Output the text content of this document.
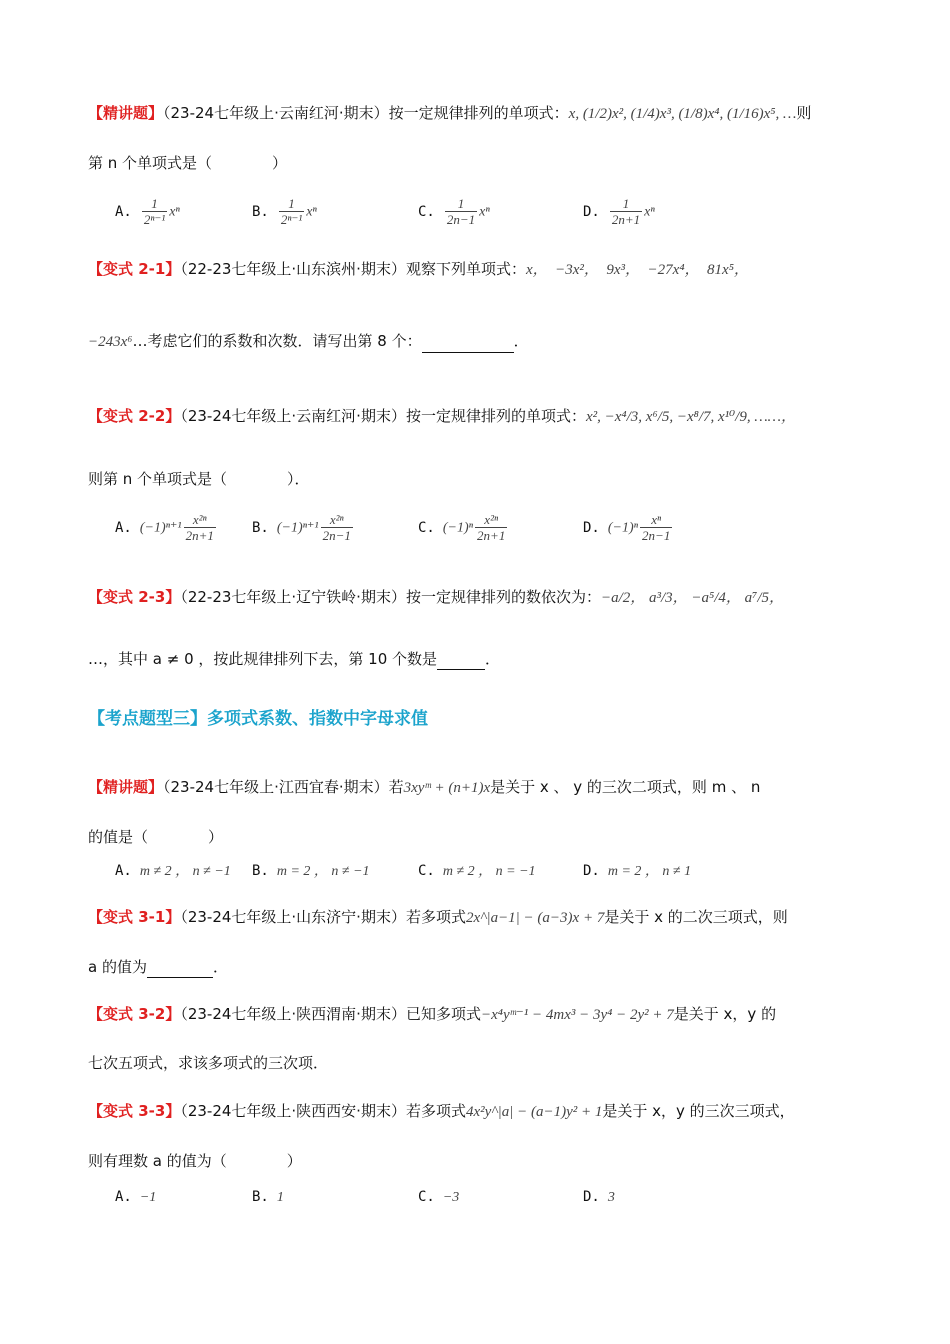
【精讲题】（23-24七年级上·云南红河·期末）按一定规律排列的单项式：x, (1/2)x², (1/4)x³, (1/8)x⁴, (1/16)x⁵, …则
第 n 个单项式是（　　　　）
A. $\frac{1}{\text{2ⁿ⁻¹}}$ xⁿ	B. $\frac{1}{\text{2ⁿ⁻¹}}$ xⁿ	C. $\frac{1}{2n-1}$ xⁿ	D. $\frac{1}{2n+1}$ xⁿ
【变式 2-1】（22-23七年级上·山东滨州·期末）观察下列单项式：x，　−3x²，　9x³，　−27x⁴，　81x⁵，
−243x⁶…考虑它们的系数和次数．请写出第 8 个：	．
【变式 2-2】（23-24七年级上·云南红河·期末）按一定规律排列的单项式：x², −x⁴/3, x⁶/5, −x⁸/7, x¹⁰/9, ……，
则第 n 个单项式是（　　　　）．
A. $(-1)^{n+1} \frac{\text{x²ⁿ}}{2n+1}$	B. $(-1)^{n+1} \frac{\text{x²ⁿ}}{2n-1}$	C. $(-1)^n \frac{\text{x²ⁿ}}{2n+1}$	D. $(-1)^n \frac{\text{xⁿ}}{2n-1}$
【变式 2-3】（22-23七年级上·辽宁铁岭·期末）按一定规律排列的数依次为：−a/2， a³/3， −a⁵/4， a⁷/5，
…，其中 a ≠ 0 ，按此规律排列下去，第 10 个数是	．
【考点题型三】多项式系数、指数中字母求值
【精讲题】（23-24七年级上·江西宜春·期末）若3xyᵐ + (n+1)x是关于 x 、 y 的三次二项式，则 m 、 n
的值是（　　　　）
A. m ≠ 2 ， n ≠ −1 B. m = 2 ， n ≠ −1	C. m ≠ 2 ， n = −1	D. m = 2 ， n ≠ 1
【变式 3-1】（23-24七年级上·山东济宁·期末）若多项式2x^|a−1| − (a−3)x + 7是关于 x 的二次三项式，则
a 的值为	．
【变式 3-2】（23-24七年级上·陕西渭南·期末）已知多项式−x⁴yᵐ⁻¹ − 4mx³ − 3y⁴ − 2y² + 7是关于 x，y 的
七次五项式，求该多项式的三次项．
【变式 3-3】（23-24七年级上·陕西西安·期末）若多项式4x²y^|a| − (a−1)y² + 1是关于 x，y 的三次三项式，
则有理数 a 的值为（　　　　）
A. −1	B. 1	C. −3	D. 3
